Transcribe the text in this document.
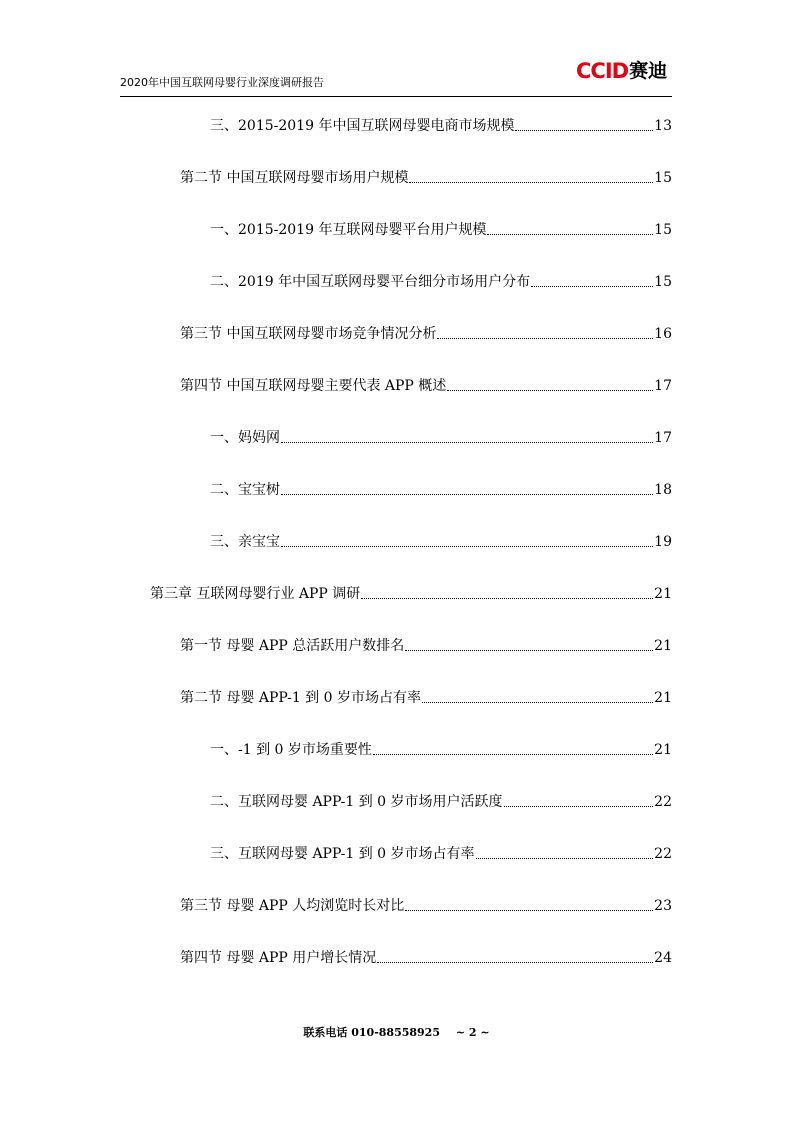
2020年中国互联网母婴行业深度调研报告	CCID 赛迪
三、2015-2019 年中国互联网母婴电商市场规模	13
第二节 中国互联网母婴市场用户规模	15
一、2015-2019 年互联网母婴平台用户规模	15
二、2019 年中国互联网母婴平台细分市场用户分布	15
第三节 中国互联网母婴市场竞争情况分析	16
第四节 中国互联网母婴主要代表 APP 概述	17
一、妈妈网	17
二、宝宝树	18
三、亲宝宝	19
第三章 互联网母婴行业 APP 调研	21
第一节 母婴 APP 总活跃用户数排名	21
第二节 母婴 APP-1 到 0 岁市场占有率	21
一、-1 到 0 岁市场重要性	21
二、互联网母婴 APP-1 到 0 岁市场用户活跃度	22
三、互联网母婴 APP-1 到 0 岁市场占有率	22
第三节 母婴 APP 人均浏览时长对比	23
第四节 母婴 APP 用户增长情况	24
联系电话 010-88558925 ~ 2 ~
